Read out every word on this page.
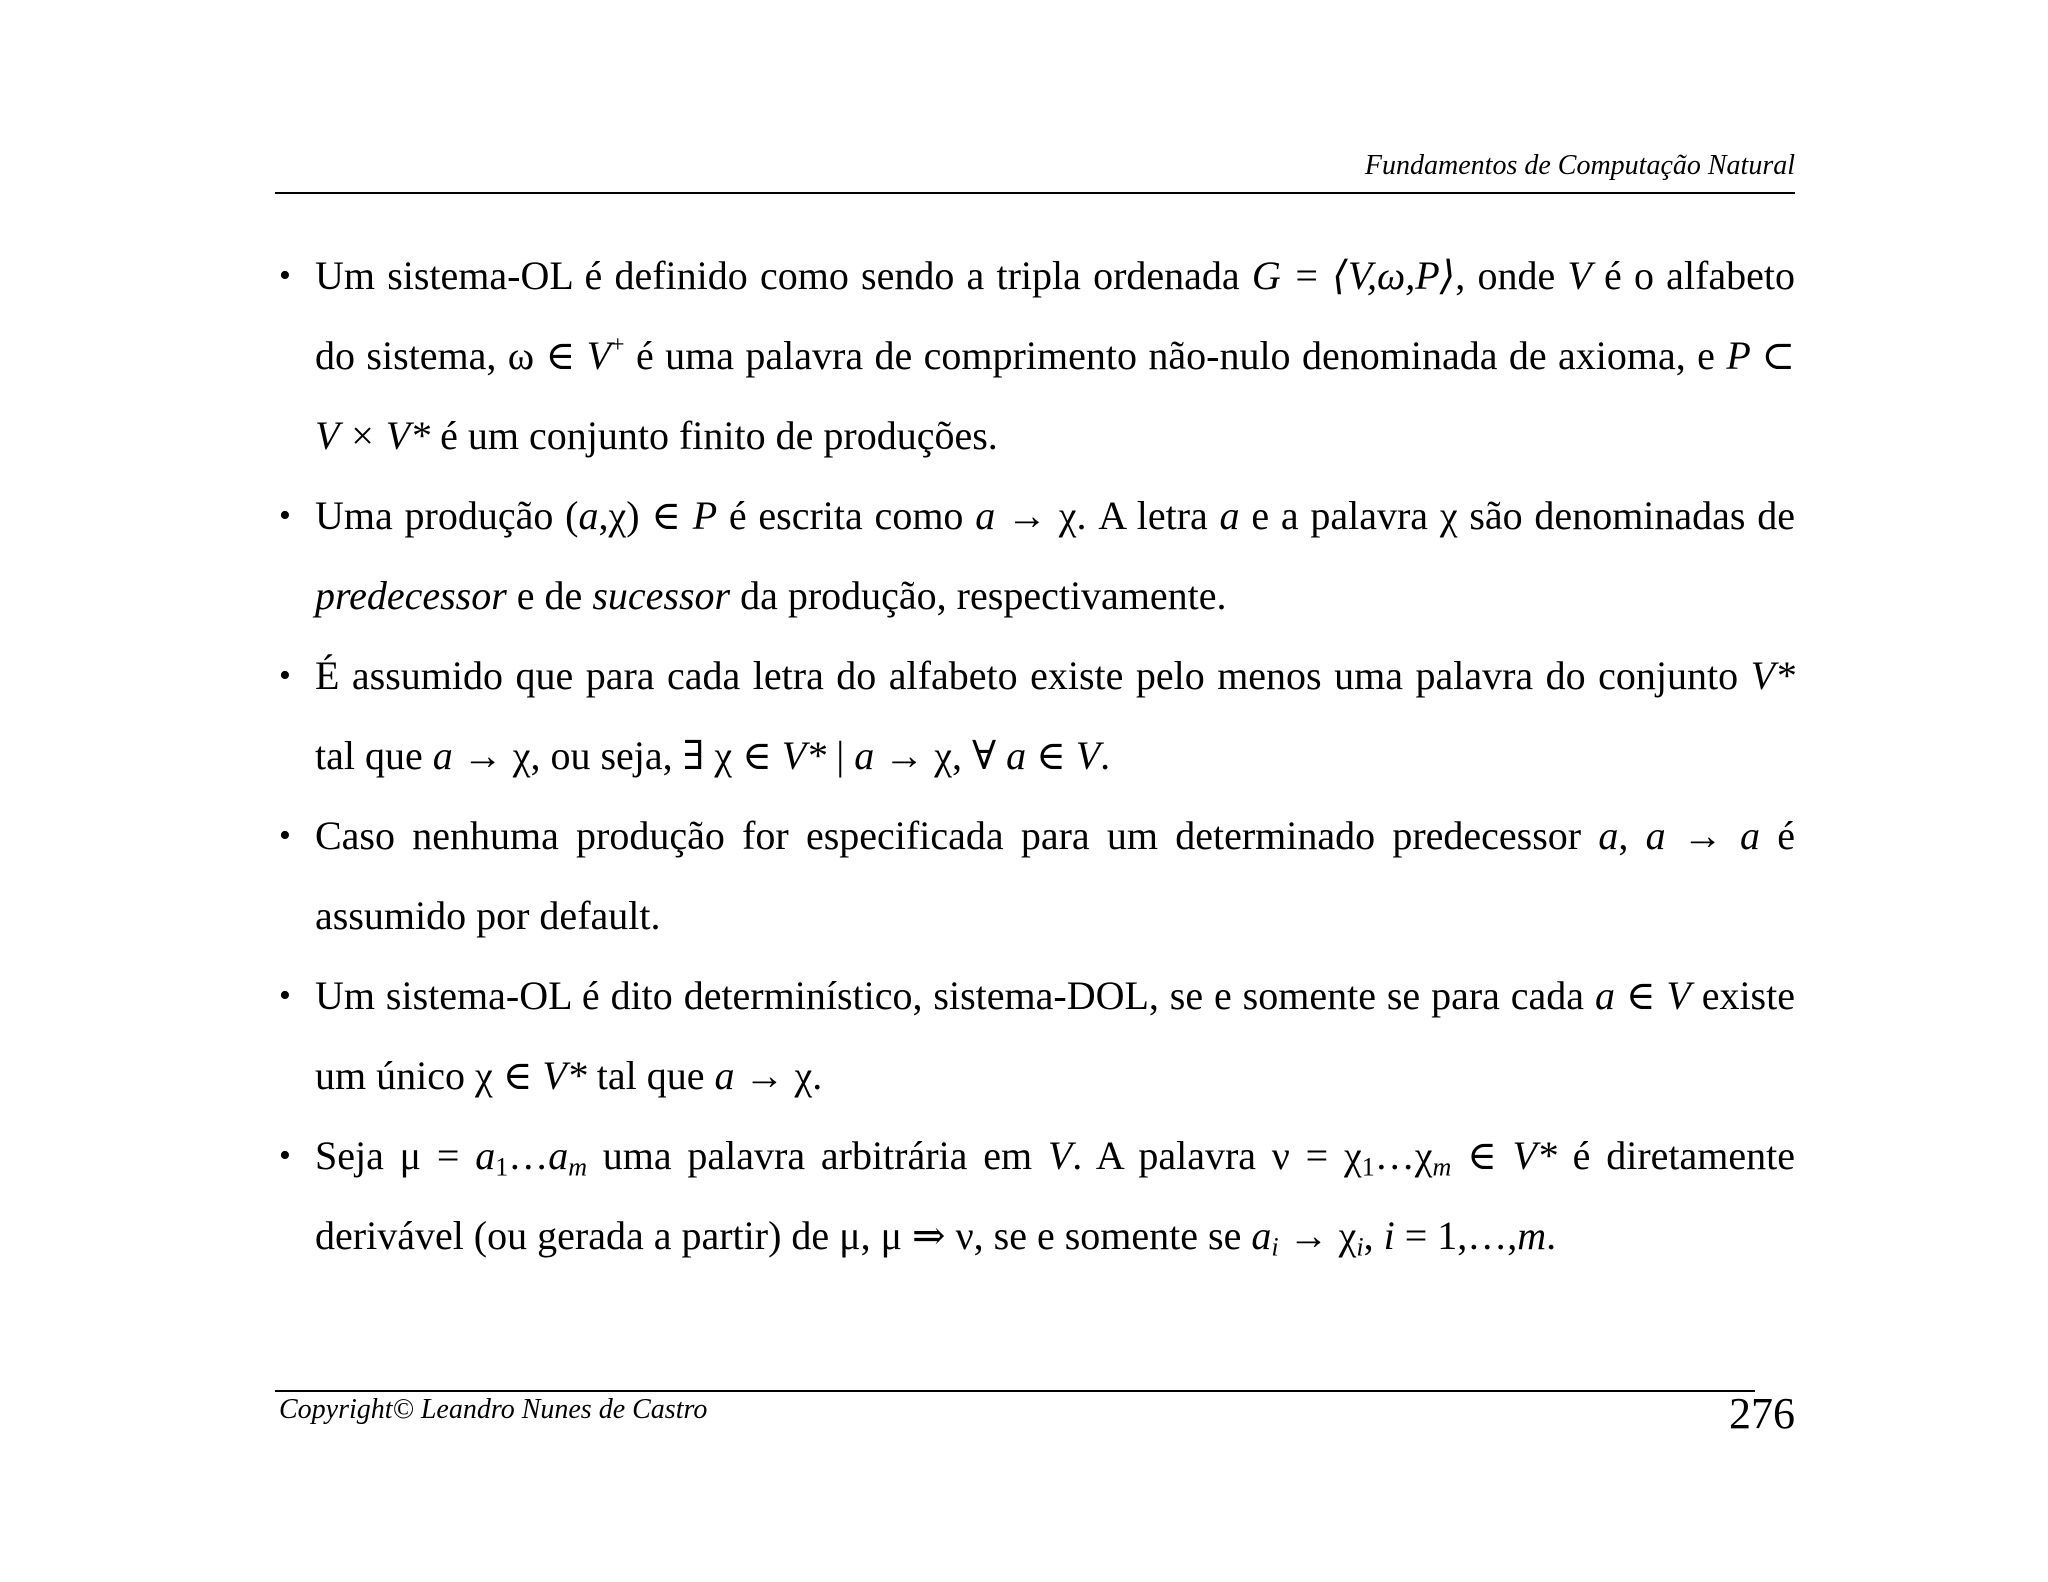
Fundamentos de Computação Natural
• Um sistema-OL é definido como sendo a tripla ordenada G = ⟨V,ω,P⟩, onde V é o alfabeto do sistema, ω ∈ V+ é uma palavra de comprimento não-nulo denominada de axioma, e P ⊂ V × V* é um conjunto finito de produções.
• Uma produção (a,χ) ∈ P é escrita como a → χ. A letra a e a palavra χ são denominadas de predecessor e de sucessor da produção, respectivamente.
• É assumido que para cada letra do alfabeto existe pelo menos uma palavra do conjunto V* tal que a → χ, ou seja, ∃ χ ∈ V* | a → χ, ∀ a ∈ V.
• Caso nenhuma produção for especificada para um determinado predecessor a, a → a é assumido por default.
• Um sistema-OL é dito determinístico, sistema-DOL, se e somente se para cada a ∈ V existe um único χ ∈ V* tal que a → χ.
• Seja $\mu = a_1\dots a_m$ uma palavra arbitrária em V. A palavra $\nu = \chi_1\dots\chi_m$ ∈ V* é diretamente derivável (ou gerada a partir) de μ, μ ⇒ ν, se e somente se $a_i \to \chi_i$, i = 1,…,m.
Copyright© Leandro Nunes de Castro	276
